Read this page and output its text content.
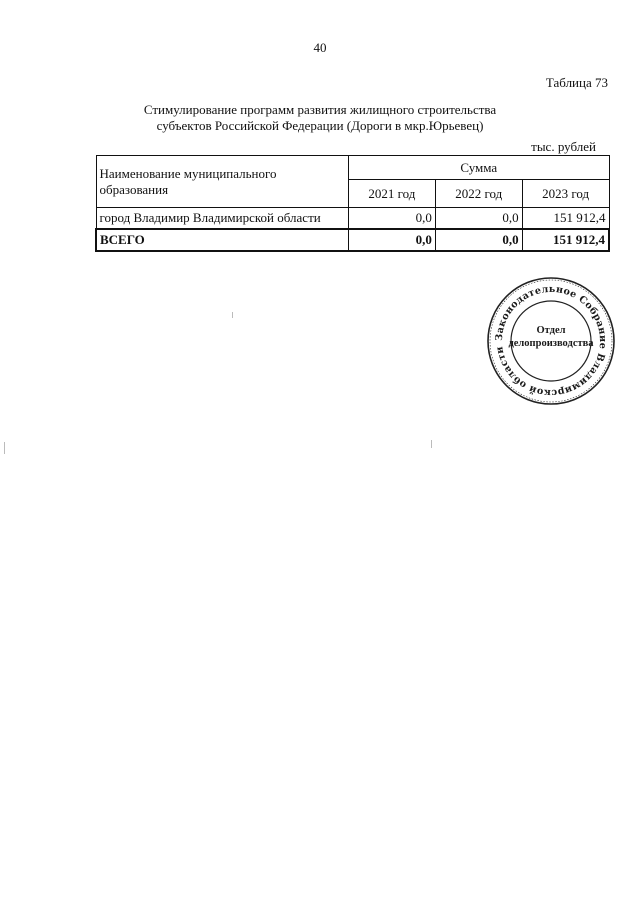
40
Таблица 73
Стимулирование программ развития жилищного строительства
субъектов Российской Федерации (Дороги в мкр.Юрьевец)
тыс. рублей
Наименование муниципального образования	Сумма		
	2021 год	2022 год	2023 год
город Владимир Владимирской области	0,0	0,0	151 912,4
ВСЕГО	0,0	0,0	151 912,4
Законодательное Собрание Владимирской области
Отдел
делопроизводства
